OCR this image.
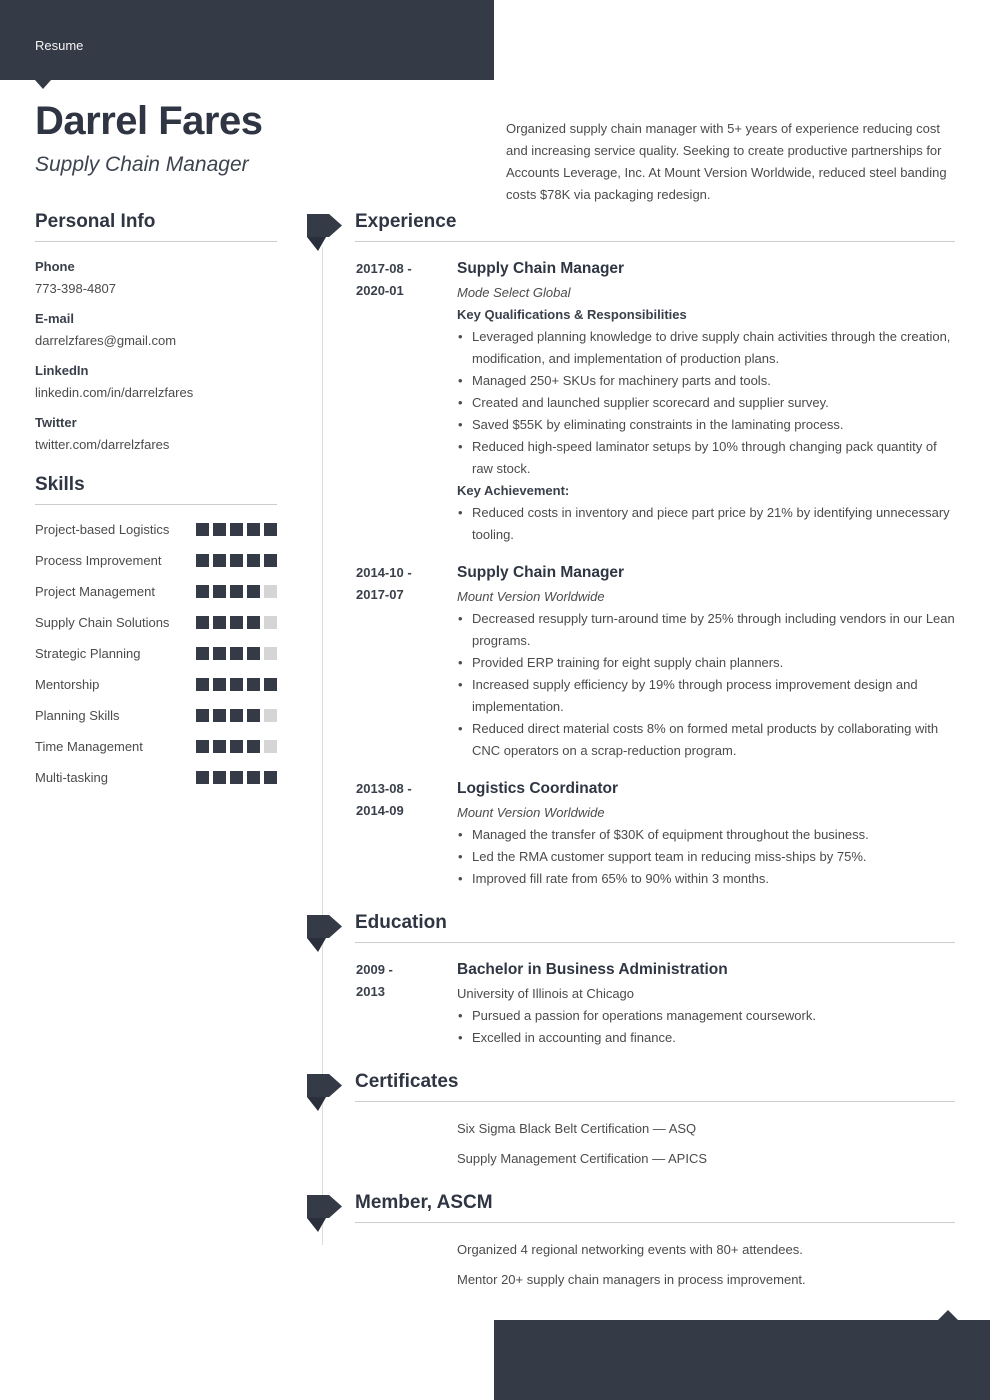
Resume
Darrel Fares
Supply Chain Manager

Organized supply chain manager with 5+ years of experience reducing cost and increasing service quality. Seeking to create productive partnerships for Accounts Leverage, Inc. At Mount Version Worldwide, reduced steel banding costs $78K via packaging redesign.

Personal Info
Phone
773-398-4807
E-mail
darrelzfares@gmail.com
LinkedIn
linkedin.com/in/darrelzfares
Twitter
twitter.com/darrelzfares
Skills
Project-based Logistics
Process Improvement
Project Management
Supply Chain Solutions
Strategic Planning
Mentorship
Planning Skills
Time Management
Multi-tasking
Experience
2017-08 -
2020-01
Supply Chain Manager
Mode Select Global
Key Qualifications & Responsibilities
• Leveraged planning knowledge to drive supply chain activities through the creation, modification, and implementation of production plans.
• Managed 250+ SKUs for machinery parts and tools.
• Created and launched supplier scorecard and supplier survey.
• Saved $55K by eliminating constraints in the laminating process.
• Reduced high-speed laminator setups by 10% through changing pack quantity of raw stock.
Key Achievement:
• Reduced costs in inventory and piece part price by 21% by identifying unnecessary tooling.
2014-10 -
2017-07
Supply Chain Manager
Mount Version Worldwide
• Decreased resupply turn-around time by 25% through including vendors in our Lean programs.
• Provided ERP training for eight supply chain planners.
• Increased supply efficiency by 19% through process improvement design and implementation.
• Reduced direct material costs 8% on formed metal products by collaborating with CNC operators on a scrap-reduction program.
2013-08 -
2014-09
Logistics Coordinator
Mount Version Worldwide
• Managed the transfer of $30K of equipment throughout the business.
• Led the RMA customer support team in reducing miss-ships by 75%.
• Improved fill rate from 65% to 90% within 3 months.
Education
2009 -
2013
Bachelor in Business Administration
University of Illinois at Chicago
• Pursued a passion for operations management coursework.
• Excelled in accounting and finance.
Certificates
Six Sigma Black Belt Certification — ASQ
Supply Management Certification — APICS
Member, ASCM
Organized 4 regional networking events with 80+ attendees.
Mentor 20+ supply chain managers in process improvement.
